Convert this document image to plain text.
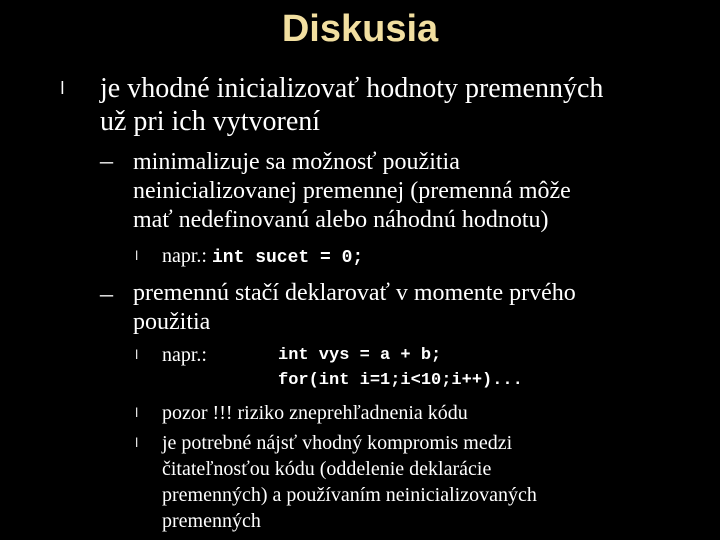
Diskusia
l je vhodné inicializovať hodnoty premenných
už pri ich vytvorení
– minimalizuje sa možnosť použitia
neinicializovanej premennej (premenná môže
mať nedefinovanú alebo náhodnú hodnotu)
l napr.: int sucet = 0;
– premennú stačí deklarovať v momente prvého
použitia
l napr.:	int vys = a + b;
for(int i=1;i<10;i++)...
l pozor !!! riziko zneprehľadnenia kódu
l je potrebné nájsť vhodný kompromis medzi
čitateľnosťou kódu (oddelenie deklarácie
premenných) a používaním neinicializovaných
premenných
